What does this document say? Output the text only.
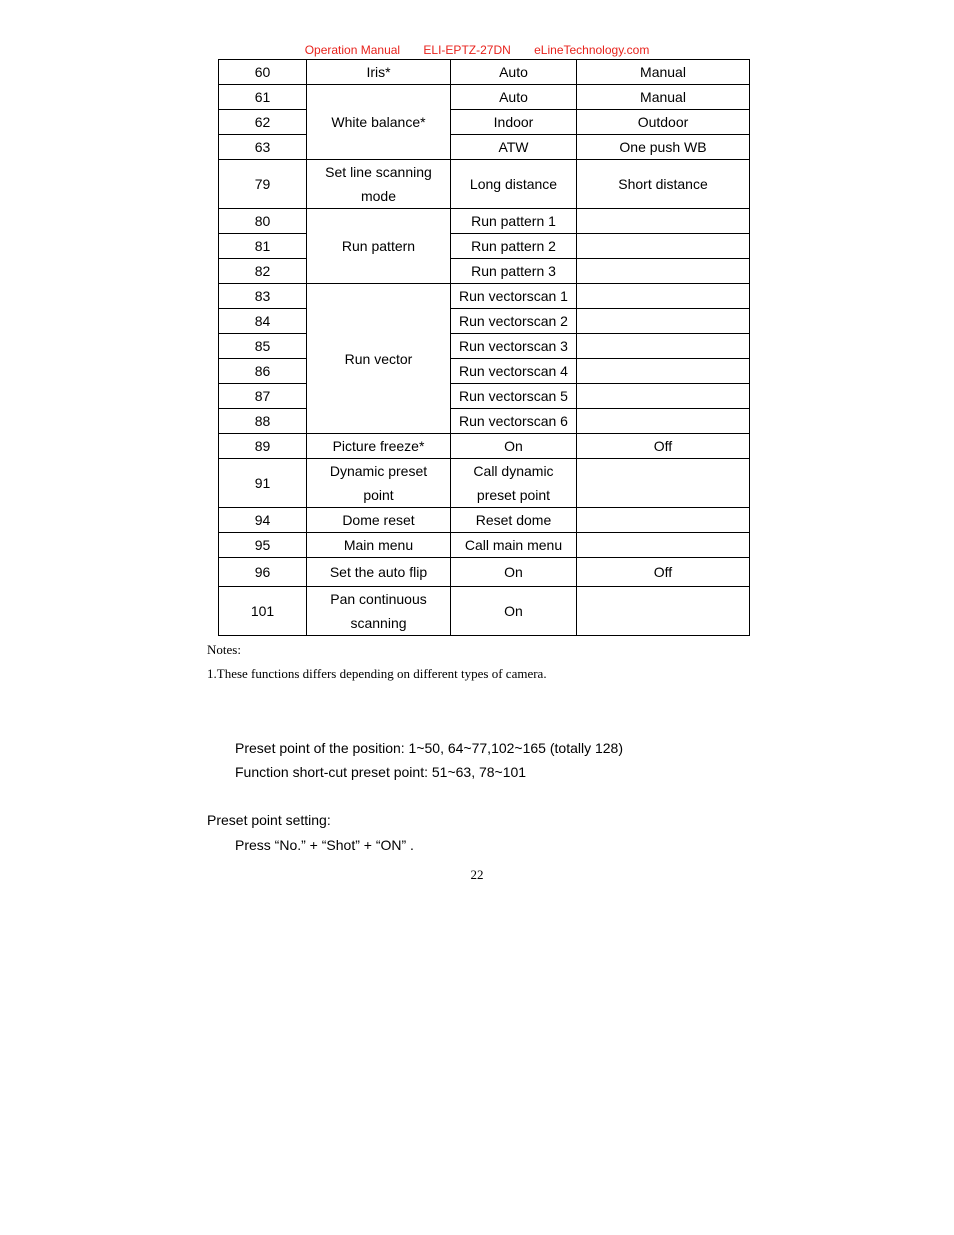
Operation Manual ELI-EPTZ-27DN eLineTechnology.com
60	Iris*	Auto	Manual
61	White balance*	Auto	Manual
62		Indoor	Outdoor
63		ATW	One push WB
79	Set line scanning mode	Long distance	Short distance
80	Run pattern	Run pattern 1	
81		Run pattern 2	
82		Run pattern 3	
83	Run vector	Run vectorscan 1	
84		Run vectorscan 2	
85		Run vectorscan 3	
86		Run vectorscan 4	
87		Run vectorscan 5	
88		Run vectorscan 6	
89	Picture freeze*	On	Off
91	Dynamic preset point	Call dynamic preset point	
94	Dome reset	Reset dome	
95	Main menu	Call main menu	
96	Set the auto flip	On	Off
101	Pan continuous scanning	On	
Notes:
1.These functions differs depending on different types of camera.
Preset point of the position: 1~50, 64~77,102~165 (totally 128)
Function short-cut preset point: 51~63, 78~101
Preset point setting:
Press “No.” + “Shot” + “ON” .
22
